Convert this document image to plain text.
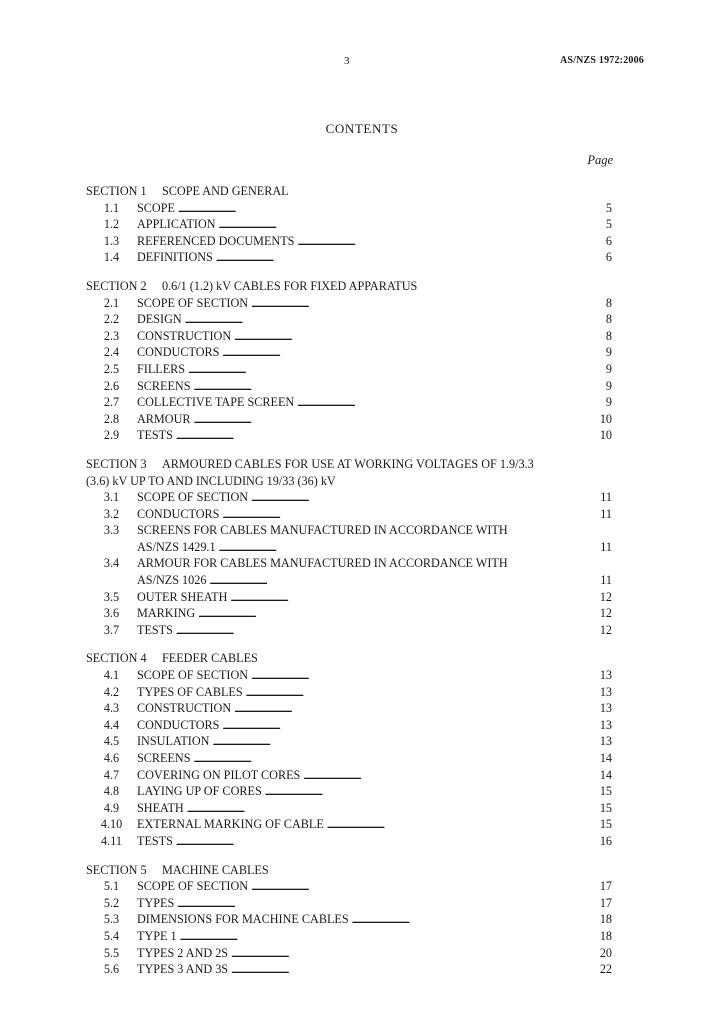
3	AS/NZS 1972:2006
CONTENTS
Page
SECTION 1 SCOPE AND GENERAL
1.1	SCOPE . . .	5
1.2	APPLICATION . . .	5
1.3	REFERENCED DOCUMENTS . . .	6
1.4	DEFINITIONS . . .	6
SECTION 2 0.6/1 (1.2) kV CABLES FOR FIXED APPARATUS
2.1	SCOPE OF SECTION . . .	8
2.2	DESIGN . . .	8
2.3	CONSTRUCTION . . .	8
2.4	CONDUCTORS . . .	9
2.5	FILLERS . . .	9
2.6	SCREENS . . .	9
2.7	COLLECTIVE TAPE SCREEN . . .	9
2.8	ARMOUR . . .	10
2.9	TESTS . . .	10
SECTION 3 ARMOURED CABLES FOR USE AT WORKING VOLTAGES OF 1.9/3.3
(3.6) kV UP TO AND INCLUDING 19/33 (36) kV
3.1	SCOPE OF SECTION . . .	11
3.2	CONDUCTORS . . .	11
3.3	SCREENS FOR CABLES MANUFACTURED IN ACCORDANCE WITH
AS/NZS 1429.1 . . .	11
3.4	ARMOUR FOR CABLES MANUFACTURED IN ACCORDANCE WITH
AS/NZS 1026 . . .	11
3.5	OUTER SHEATH . . .	12
3.6	MARKING . . .	12
3.7	TESTS . . .	12
SECTION 4 FEEDER CABLES
4.1	SCOPE OF SECTION . . .	13
4.2	TYPES OF CABLES . . .	13
4.3	CONSTRUCTION . . .	13
4.4	CONDUCTORS . . .	13
4.5	INSULATION . . .	13
4.6	SCREENS . . .	14
4.7	COVERING ON PILOT CORES . . .	14
4.8	LAYING UP OF CORES . . .	15
4.9	SHEATH . . .	15
4.10	EXTERNAL MARKING OF CABLE . . .	15
4.11	TESTS . . .	16
SECTION 5 MACHINE CABLES
5.1	SCOPE OF SECTION . . .	17
5.2	TYPES . . .	17
5.3	DIMENSIONS FOR MACHINE CABLES . . .	18
5.4	TYPE 1 . . .	18
5.5	TYPES 2 AND 2S . . .	20
5.6	TYPES 3 AND 3S . . .	22
